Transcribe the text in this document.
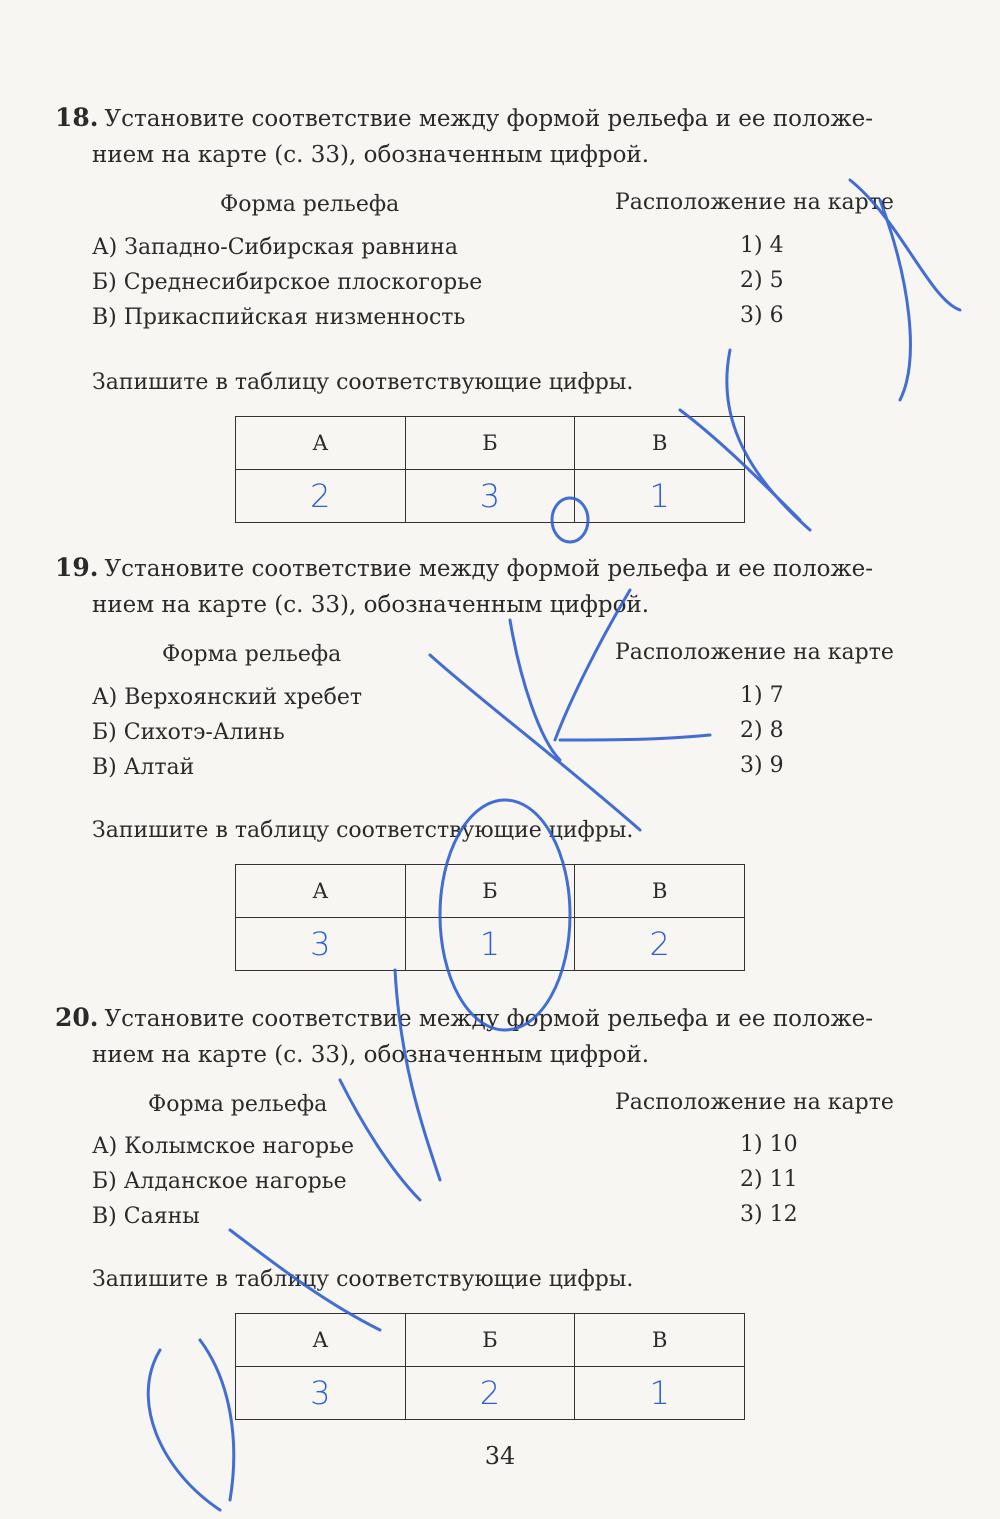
18. Установите соответствие между формой рельефа и ее положе-
нием на карте (с. 33), обозначенным цифрой.

Форма рельефа	Расположение на карте
А) Западно-Сибирская равнина
Б) Среднесибирское плоскогорье
В) Прикаспийская низменность
1) 4
2) 5
3) 6
Запишите в таблицу соответствующие цифры.
А	Б	В
2	3	1

19. Установите соответствие между формой рельефа и ее положе-
нием на карте (с. 33), обозначенным цифрой.

Форма рельефа	Расположение на карте
А) Верхоянский хребет
Б) Сихотэ-Алинь
В) Алтай
1) 7
2) 8
3) 9
Запишите в таблицу соответствующие цифры.
А	Б	В
3	1	2

20. Установите соответствие между формой рельефа и ее положе-
нием на карте (с. 33), обозначенным цифрой.

Форма рельефа	Расположение на карте
А) Колымское нагорье
Б) Алданское нагорье
В) Саяны
1) 10
2) 11
3) 12
Запишите в таблицу соответствующие цифры.
А	Б	В
3	2	1
34
